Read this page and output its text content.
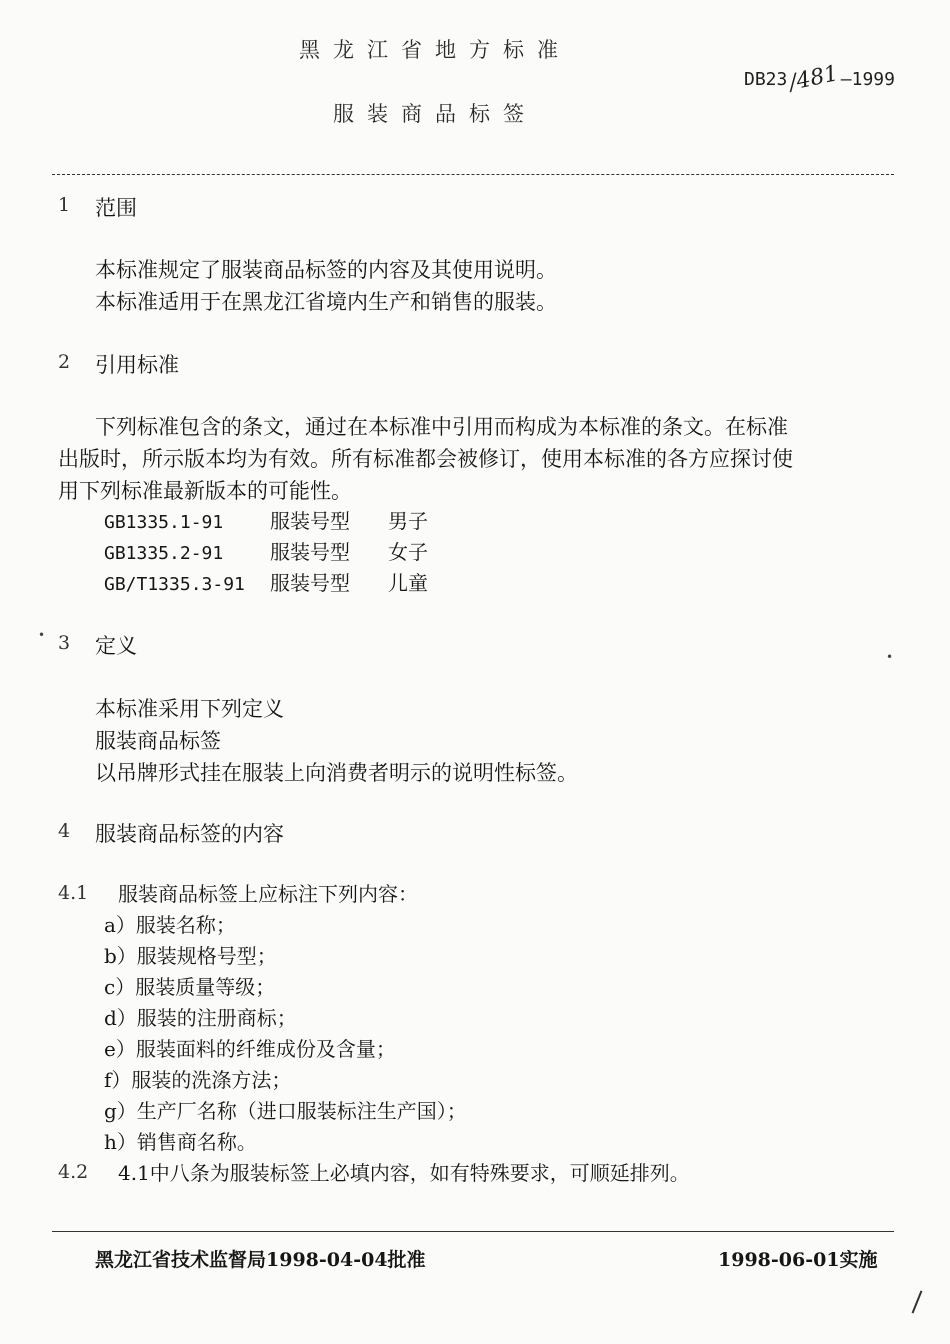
黑龙江省地方标准
服装商品标签
DB23/481—1999
1 范围
本标准规定了服装商品标签的内容及其使用说明。
本标准适用于在黑龙江省境内生产和销售的服装。
2 引用标准
下列标准包含的条文，通过在本标准中引用而构成为本标准的条文。在标准
出版时，所示版本均为有效。所有标准都会被修订，使用本标准的各方应探讨使
用下列标准最新版本的可能性。
GB1335.1-91 服装号型 男子
GB1335.2-91 服装号型 女子
GB/T1335.3-91 服装号型 儿童
• 3 定义	•
本标准采用下列定义
服装商品标签
以吊牌形式挂在服装上向消费者明示的说明性标签。
4 服装商品标签的内容
4.1 服装商品标签上应标注下列内容：
a）服装名称；
b）服装规格号型；
c）服装质量等级；
d）服装的注册商标；
e）服装面料的纤维成份及含量；
f）服装的洗涤方法；
g）生产厂名称（进口服装标注生产国）；
h）销售商名称。
4.2 4.1中八条为服装标签上必填内容，如有特殊要求，可顺延排列。
黑龙江省技术监督局1998-04-04批准	1998-06-01实施
